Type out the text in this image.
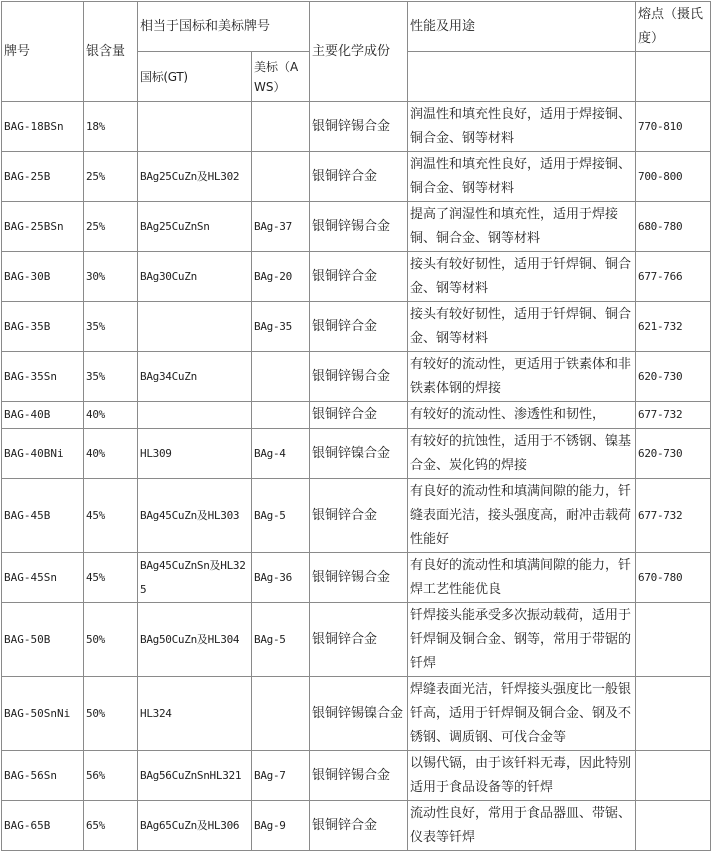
牌号	银含量	相当于国标和美标牌号		主要化学成份	性能及用途	熔点（摄氏度）
		国标(GT)	美标（AWS）			
BAG-18BSn	18%			银铜锌锡合金	润温性和填充性良好，适用于焊接铜、铜合金、钢等材料	770-810
BAG-25B	25%	BAg25CuZn及HL302		银铜锌合金	润温性和填充性良好，适用于焊接铜、铜合金、钢等材料	700-800
BAG-25BSn	25%	BAg25CuZnSn	BAg-37	银铜锌锡合金	提高了润湿性和填充性，适用于焊接铜、铜合金、钢等材料	680-780
BAG-30B	30%	BAg30CuZn	BAg-20	银铜锌合金	接头有较好韧性，适用于钎焊铜、铜合金、钢等材料	677-766
BAG-35B	35%		BAg-35	银铜锌合金	接头有较好韧性，适用于钎焊铜、铜合金、钢等材料	621-732
BAG-35Sn	35%	BAg34CuZn		银铜锌锡合金	有较好的流动性，更适用于铁素体和非铁素体钢的焊接	620-730
BAG-40B	40%			银铜锌合金	有较好的流动性、渗透性和韧性，	677-732
BAG-40BNi	40%	HL309	BAg-4	银铜锌镍合金	有较好的抗蚀性，适用于不锈钢、镍基合金、炭化钨的焊接	620-730
BAG-45B	45%	BAg45CuZn及HL303	BAg-5	银铜锌合金	有良好的流动性和填满间隙的能力，钎缝表面光洁，接头强度高，耐冲击载荷性能好	677-732
BAG-45Sn	45%	BAg45CuZnSn及HL325	BAg-36	银铜锌锡合金	有良好的流动性和填满间隙的能力，钎焊工艺性能优良	670-780
BAG-50B	50%	BAg50CuZn及HL304	BAg-5	银铜锌合金	钎焊接头能承受多次振动载荷，适用于钎焊铜及铜合金、钢等，常用于带锯的钎焊	
BAG-50SnNi	50%	HL324		银铜锌锡镍合金	焊缝表面光洁，钎焊接头强度比一般银钎高，适用于钎焊铜及铜合金、钢及不锈钢、调质钢、可伐合金等	
BAG-56Sn	56%	BAg56CuZnSnHL321	BAg-7	银铜锌锡合金	以锡代镉，由于该钎料无毒，因此特别适用于食品设备等的钎焊	
BAG-65B	65%	BAg65CuZn及HL306	BAg-9	银铜锌合金	流动性良好，常用于食品器皿、带锯、仪表等钎焊	
